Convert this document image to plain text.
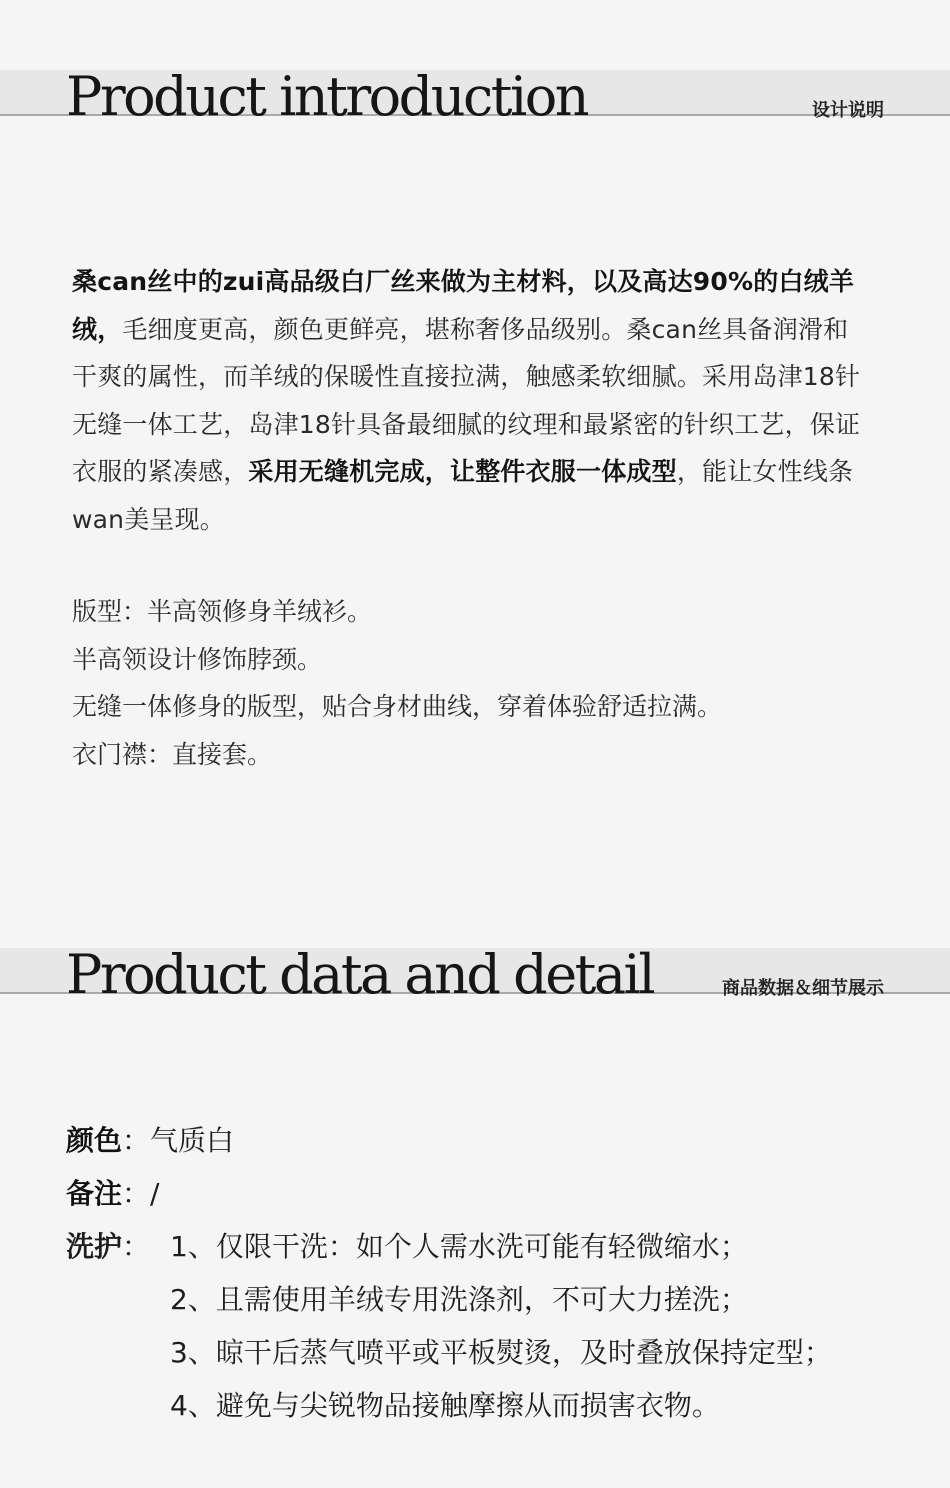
Product introduction	设计说明
桑can丝中的zui高品级白厂丝来做为主材料，以及高达90%的白绒羊绒，毛细度更高，颜色更鲜亮，堪称奢侈品级别。桑can丝具备润滑和干爽的属性，而羊绒的保暖性直接拉满，触感柔软细腻。采用岛津18针无缝一体工艺，岛津18针具备最细腻的纹理和最紧密的针织工艺，保证衣服的紧凑感，采用无缝机完成，让整件衣服一体成型，能让女性线条wan美呈现。
版型：半高领修身羊绒衫。
半高领设计修饰脖颈。
无缝一体修身的版型，贴合身材曲线，穿着体验舒适拉满。
衣门襟：直接套。
Product data and detail	商品数据＆细节展示
颜色：气质白
备注：/
洗护： 1、仅限干洗：如个人需水洗可能有轻微缩水；
2、且需使用羊绒专用洗涤剂，不可大力搓洗；
3、晾干后蒸气喷平或平板熨烫，及时叠放保持定型；
4、避免与尖锐物品接触摩擦从而损害衣物。
